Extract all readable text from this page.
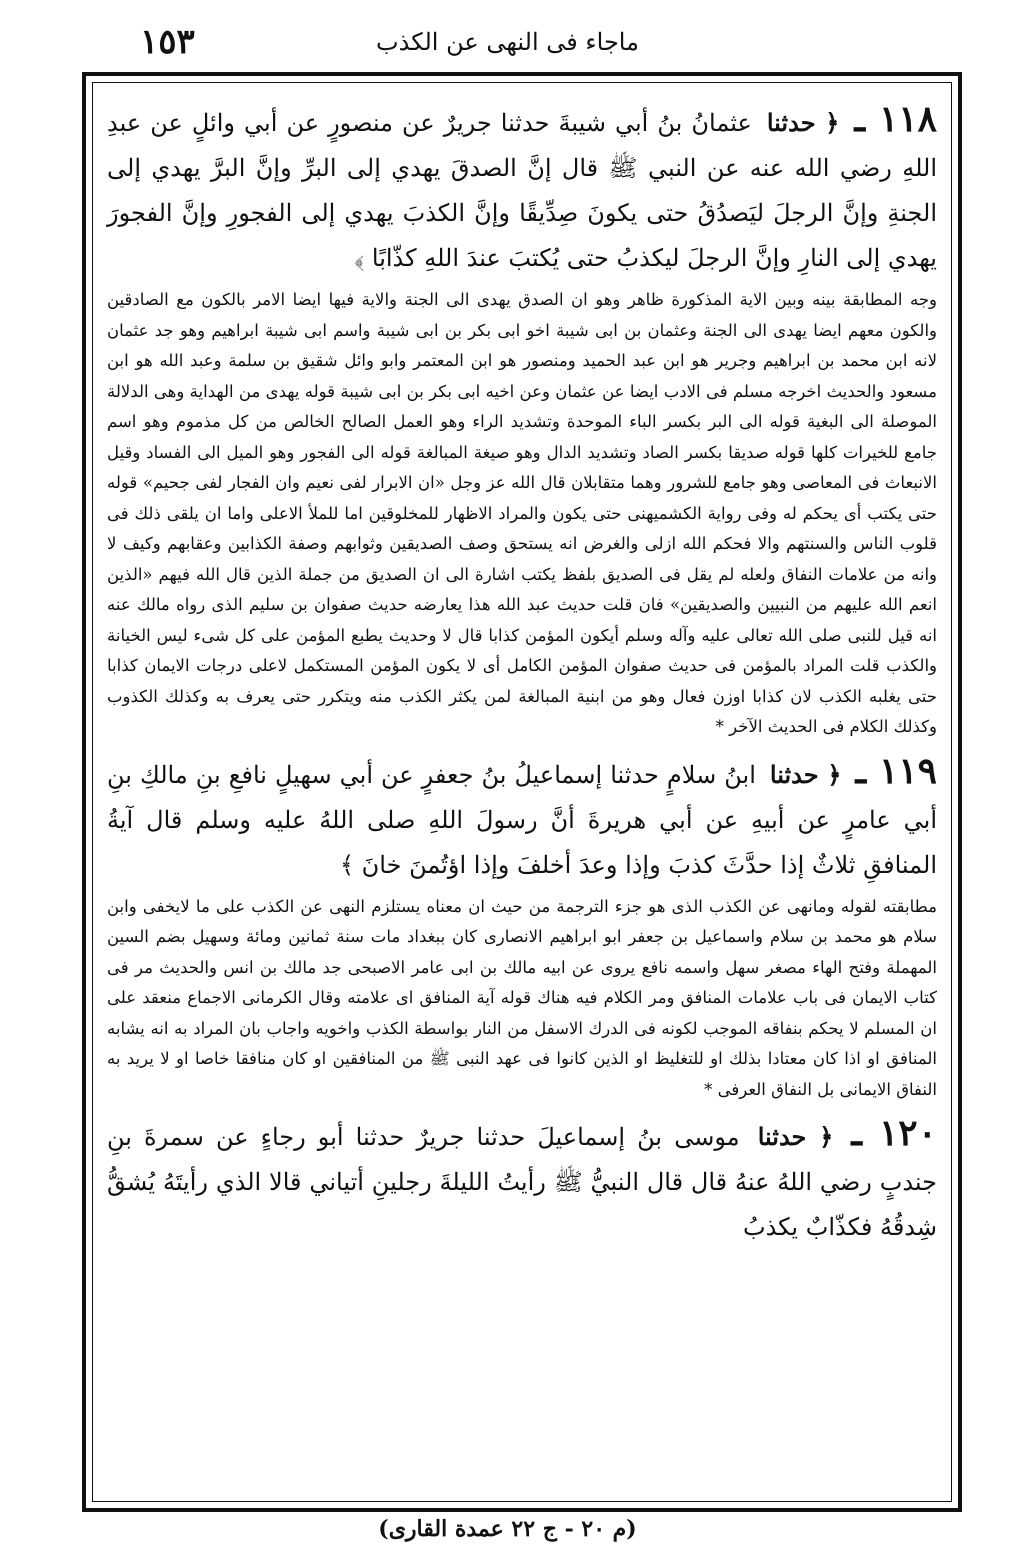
١٥٣	ماجاء فى النهى عن الكذب
١١٨ ـ ﴿ حدثنا عثمانُ بنُ أبي شيبةَ حدثنا جريرٌ عن منصورٍ عن أبي وائلٍ عن عبدِ اللهِ رضي الله عنه عن النبي ﷺ قال إنَّ الصدقَ يهدي إلى البرِّ وإنَّ البرَّ يهدي إلى الجنةِ وإنَّ الرجلَ ليَصدُقُ حتى يكونَ صِدِّيقًا وإنَّ الكذبَ يهدي إلى الفجورِ وإنَّ الفجورَ يهدي إلى النارِ وإنَّ الرجلَ ليكذبُ حتى يُكتبَ عندَ اللهِ كذّابًا ﴾
وجه المطابقة بينه وبين الاية المذكورة ظاهر وهو ان الصدق يهدى الى الجنة والاية فيها ايضا الامر بالكون مع الصادقين والكون معهم ايضا يهدى الى الجنة وعثمان بن ابى شيبة اخو ابى بكر بن ابى شيبة واسم ابى شيبة ابراهيم وهو جد عثمان لانه ابن محمد بن ابراهيم وجرير هو ابن عبد الحميد ومنصور هو ابن المعتمر وابو وائل شقيق بن سلمة وعبد الله هو ابن مسعود والحديث اخرجه مسلم فى الادب ايضا عن عثمان وعن اخيه ابى بكر بن ابى شيبة قوله يهدى من الهداية وهى الدلالة الموصلة الى البغية قوله الى البر بكسر الباء الموحدة وتشديد الراء وهو العمل الصالح الخالص من كل مذموم وهو اسم جامع للخيرات كلها قوله صديقا بكسر الصاد وتشديد الدال وهو صيغة المبالغة قوله الى الفجور وهو الميل الى الفساد وقيل الانبعاث فى المعاصى وهو جامع للشرور وهما متقابلان قال الله عز وجل «ان الابرار لفى نعيم وان الفجار لفى جحيم» قوله حتى يكتب أى يحكم له وفى رواية الكشميهنى حتى يكون والمراد الاظهار للمخلوقين اما للملأ الاعلى واما ان يلقى ذلك فى قلوب الناس والسنتهم والا فحكم الله ازلى والغرض انه يستحق وصف الصديقين وثوابهم وصفة الكذابين وعقابهم وكيف لا وانه من علامات النفاق ولعله لم يقل فى الصديق بلفظ يكتب اشارة الى ان الصديق من جملة الذين قال الله فيهم «الذين انعم الله عليهم من النبيين والصديقين» فان قلت حديث عبد الله هذا يعارضه حديث صفوان بن سليم الذى رواه مالك عنه انه قيل للنبى صلى الله تعالى عليه وآله وسلم أيكون المؤمن كذابا قال لا وحديث يطبع المؤمن على كل شىء ليس الخيانة والكذب قلت المراد بالمؤمن فى حديث صفوان المؤمن الكامل أى لا يكون المؤمن المستكمل لاعلى درجات الايمان كذابا حتى يغلبه الكذب لان كذابا اوزن فعال وهو من ابنية المبالغة لمن يكثر الكذب منه ويتكرر حتى يعرف به وكذلك الكذوب وكذلك الكلام فى الحديث الآخر *
١١٩ ـ ﴿ حدثنا ابنُ سلامٍ حدثنا إسماعيلُ بنُ جعفرٍ عن أبي سهيلٍ نافعِ بنِ مالكِ بنِ أبي عامرٍ عن أبيهِ عن أبي هريرةَ أنَّ رسولَ اللهِ صلى اللهُ عليه وسلم قال آيةُ المنافقِ ثلاثٌ إذا حدَّثَ كذبَ وإذا وعدَ أخلفَ وإذا اؤتُمنَ خانَ ﴾
مطابقته لقوله ومانهى عن الكذب الذى هو جزء الترجمة من حيث ان معناه يستلزم النهى عن الكذب على ما لايخفى وابن سلام هو محمد بن سلام واسماعيل بن جعفر ابو ابراهيم الانصارى كان ببغداد مات سنة ثمانين ومائة وسهيل بضم السين المهملة وفتح الهاء مصغر سهل واسمه نافع يروى عن ابيه مالك بن ابى عامر الاصبحى جد مالك بن انس والحديث مر فى كتاب الايمان فى باب علامات المنافق ومر الكلام فيه هناك قوله آية المنافق اى علامته وقال الكرمانى الاجماع منعقد على ان المسلم لا يحكم بنفاقه الموجب لكونه فى الدرك الاسفل من النار بواسطة الكذب واخويه واجاب بان المراد به انه يشابه المنافق او اذا كان معتادا بذلك او للتغليظ او الذين كانوا فى عهد النبى ﷺ من المنافقين او كان منافقا خاصا او لا يريد به النفاق الايمانى بل النفاق العرفى *
١٢٠ ـ ﴿ حدثنا موسى بنُ إسماعيلَ حدثنا جريرٌ حدثنا أبو رجاءٍ عن سمرةَ بنِ جندبٍ رضي اللهُ عنهُ قال قال النبيُّ ﷺ رأيتُ الليلةَ رجلينِ أتياني قالا الذي رأيتَهُ يُشقُّ شِدقُهُ فكذّابٌ يكذبُ
(م ٢٠ - ج ٢٢ عمدة القارى)
